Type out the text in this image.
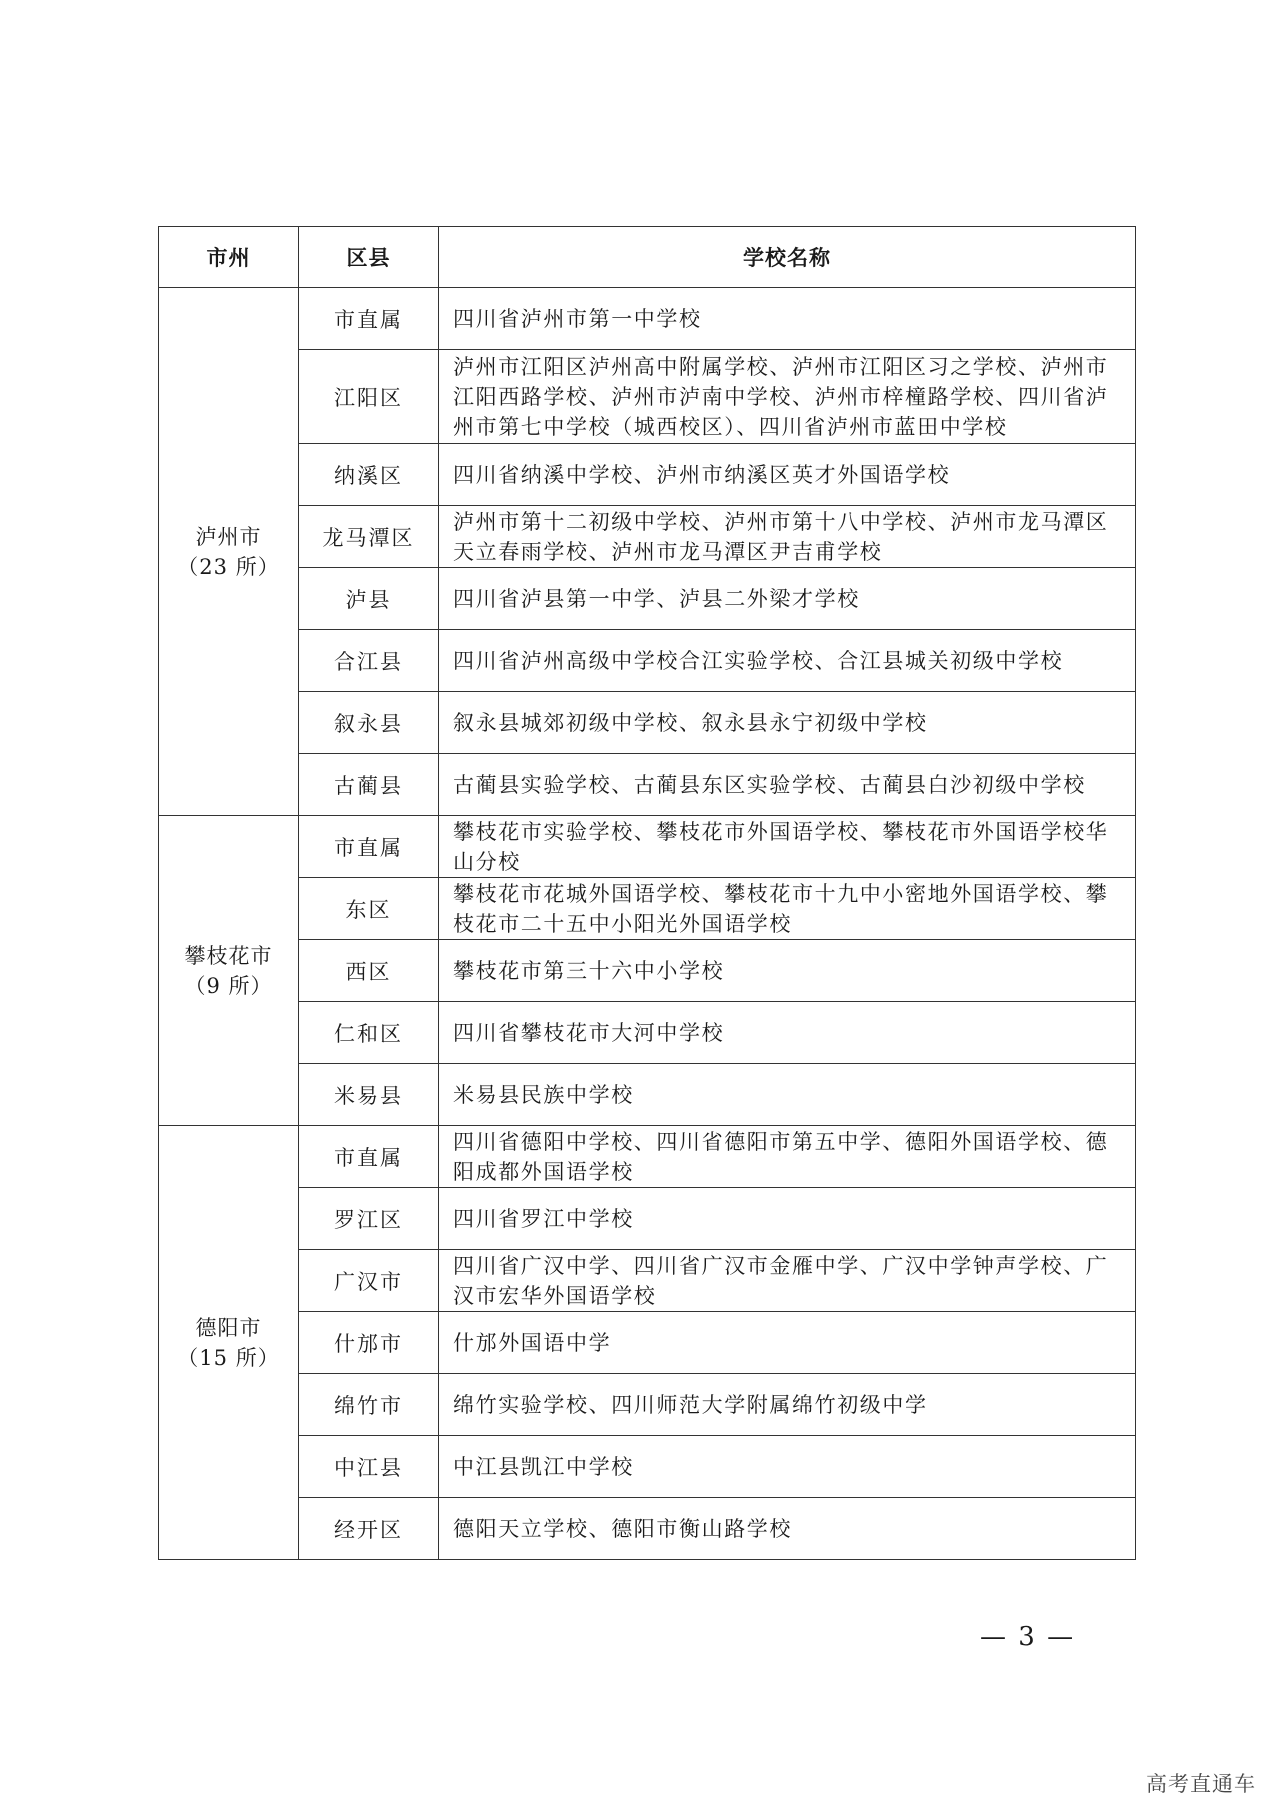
市州	区县	学校名称

泸州市
（23 所）	市直属	四川省泸州市第一中学校
	江阳区	泸州市江阳区泸州高中附属学校、泸州市江阳区习之学校、泸州市江阳西路学校、泸州市泸南中学校、泸州市梓橦路学校、四川省泸州市第七中学校（城西校区）、四川省泸州市蓝田中学校
	纳溪区	四川省纳溪中学校、泸州市纳溪区英才外国语学校
	龙马潭区	泸州市第十二初级中学校、泸州市第十八中学校、泸州市龙马潭区天立春雨学校、泸州市龙马潭区尹吉甫学校
	泸县	四川省泸县第一中学、泸县二外梁才学校
	合江县	四川省泸州高级中学校合江实验学校、合江县城关初级中学校
	叙永县	叙永县城郊初级中学校、叙永县永宁初级中学校
	古蔺县	古蔺县实验学校、古蔺县东区实验学校、古蔺县白沙初级中学校

攀枝花市
（9 所）	市直属	攀枝花市实验学校、攀枝花市外国语学校、攀枝花市外国语学校华山分校
	东区	攀枝花市花城外国语学校、攀枝花市十九中小密地外国语学校、攀枝花市二十五中小阳光外国语学校
	西区	攀枝花市第三十六中小学校
	仁和区	四川省攀枝花市大河中学校
	米易县	米易县民族中学校

德阳市
（15 所）	市直属	四川省德阳中学校、四川省德阳市第五中学、德阳外国语学校、德阳成都外国语学校
	罗江区	四川省罗江中学校
	广汉市	四川省广汉中学、四川省广汉市金雁中学、广汉中学钟声学校、广汉市宏华外国语学校
	什邡市	什邡外国语中学
	绵竹市	绵竹实验学校、四川师范大学附属绵竹初级中学
	中江县	中江县凯江中学校
	经开区	德阳天立学校、德阳市衡山路学校
— 3 —
高考直通车
